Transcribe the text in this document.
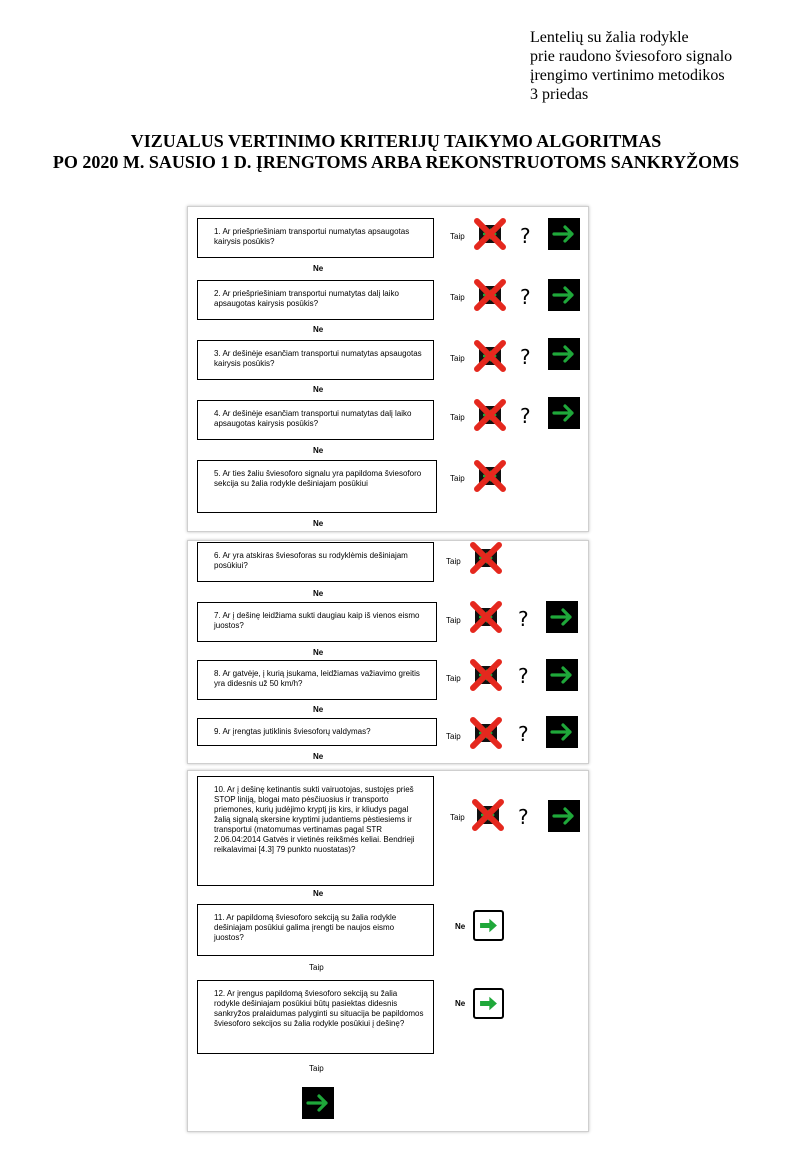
Lentelių su žalia rodykle
prie raudono šviesoforo signalo
įrengimo vertinimo metodikos
3 priedas
VIZUALUS VERTINIMO KRITERIJŲ TAIKYMO ALGORITMAS
PO 2020 M. SAUSIO 1 D. ĮRENGTOMS ARBA REKONSTRUOTOMS SANKRYŽOMS
1. Ar priešpriešiniam transportui numatytas apsaugotas kairysis posūkis?
2. Ar priešpriešiniam transportui numatytas dalį laiko apsaugotas kairysis posūkis?
3. Ar dešinėje esančiam transportui numatytas apsaugotas kairysis posūkis?
4. Ar dešinėje esančiam transportui numatytas dalį laiko apsaugotas kairysis posūkis?
5. Ar ties žaliu šviesoforo signalu yra papildoma šviesoforo sekcija su žalia rodykle dešiniajam posūkiui
6. Ar yra atskiras šviesoforas su rodyklėmis dešiniajam posūkiui?
7. Ar į dešinę leidžiama sukti daugiau kaip iš vienos eismo juostos?
8. Ar gatvėje, į kurią įsukama, leidžiamas važiavimo greitis yra didesnis už 50 km/h?
9. Ar įrengtas jutiklinis šviesoforų valdymas?
10. Ar į dešinę ketinantis sukti vairuotojas, sustojęs prieš STOP liniją, blogai mato pėsčiuosius ir transporto priemones, kurių judėjimo kryptį jis kirs, ir kliudys pagal žalią signalą skersine kryptimi judantiems pėstiesiems ir transportui (matomumas vertinamas pagal STR 2.06.04:2014 Gatvės ir vietinės reikšmės keliai. Bendrieji reikalavimai [4.3] 79 punkto nuostatas)?
11. Ar papildomą šviesoforo sekciją su žalia rodykle dešiniajam posūkiui galima įrengti be naujos eismo juostos?
12. Ar įrengus papildomą šviesoforo sekciją su žalia rodykle dešiniajam posūkiui būtų pasiektas didesnis sankryžos pralaidumas palyginti su situacija be papildomos šviesoforo sekcijos su žalia rodykle posūkiui į dešinę?
Ne
Ne
Ne
Ne
Ne
Ne
Ne
Ne
Ne
Ne
Taip
Taip
Taip
Taip
Taip
Taip
Taip
Taip
Taip
Taip
Taip
Taip
Ne
Ne
?
?
?
?
?
?
?
?
